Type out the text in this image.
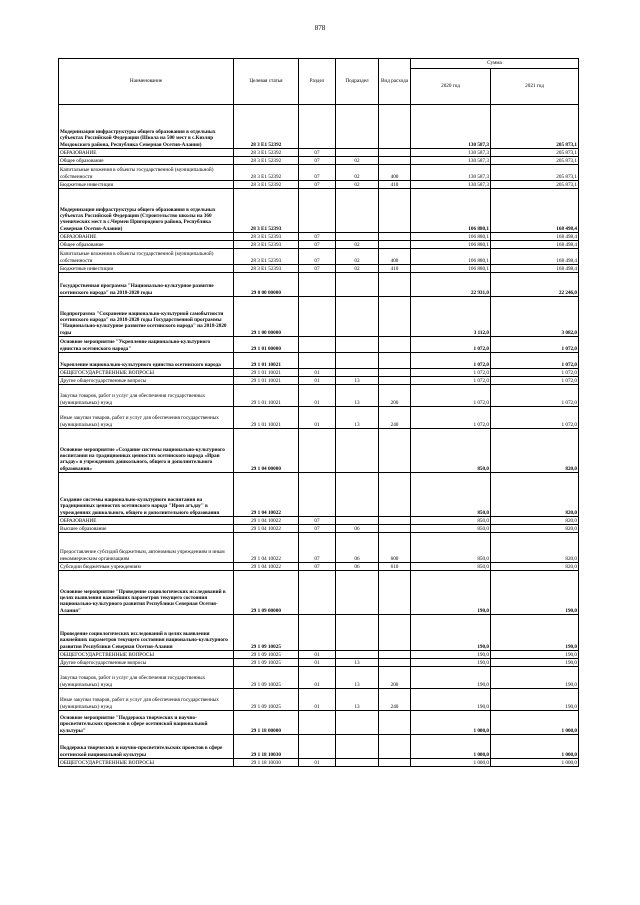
878
Наименование	Целевая статья	Раздел	Подраздел	Вид расхода	Сумма	
					2020 год	2021 год
Модернизация инфраструктуры общего образования в отдельных субъектах Российской Федерации (Школа на 500 мест в с.Кизляр Моздокского района, Республика Северная Осетия-Алания)	28 3 Е1 52392				130 587,3	205 873,1
ОБРАЗОВАНИЕ	28 3 Е1 52392	07			130 587,3	205 873,1
Общее образование	28 3 Е1 52392	07	02		130 587,3	205 873,1
Капитальные вложения в объекты государственной (муниципальной) собственности	28 3 Е1 52392	07	02	400	130 587,3	205 873,1
Бюджетные инвестиции	28 3 Е1 52392	07	02	410	130 587,3	205 873,1
Модернизация инфраструктуры общего образования в отдельных субъектах Российской Федерации (Строительство школы на 360 ученических мест в с.Чермен Пригородного района, Республика Северная Осетия-Алания)	28 3 Е1 52393				106 880,1	168 498,4
ОБРАЗОВАНИЕ	28 3 Е1 52393	07			106 880,1	168 498,4
Общее образование	28 3 Е1 52393	07	02		106 880,1	168 498,4
Капитальные вложения в объекты государственной (муниципальной) собственности	28 3 Е1 52393	07	02	400	106 880,1	168 498,4
Бюджетные инвестиции	28 3 Е1 52393	07	02	410	106 880,1	168 498,4
Государственная программа "Национально-культурное развитие осетинского народа" на 2018-2020 годы	29 0 00 00000				22 931,0	22 246,0
Подпрограмма "Сохранение национально-культурной самобытности осетинского народа" на 2018-2020 годы Государственной программы "Национально-культурное развитие осетинского народа" на 2018-2020 годы	29 1 00 00000				3 112,0	3 082,0
Основное мероприятие "Укрепление национально-культурного единства осетинского народа"	29 1 01 00000				1 072,0	1 072,0
Укрепление национально-культурного единства осетинского народа	29 1 01 10021				1 072,0	1 072,0
ОБЩЕГОСУДАРСТВЕННЫЕ ВОПРОСЫ	29 1 01 10021	01			1 072,0	1 072,0
Другие общегосударственные вопросы	29 1 01 10021	01	13		1 072,0	1 072,0
Закупка товаров, работ и услуг для обеспечения государственных (муниципальных) нужд	29 1 01 10021	01	13	200	1 072,0	1 072,0
Иные закупки товаров, работ и услуг для обеспечения государственных (муниципальных) нужд	29 1 01 10021	01	13	240	1 072,0	1 072,0
Основное мероприятие «Создание системы национально-культурного воспитания на традиционных ценностях осетинского народа «Иран агъдау» в учреждениях дошкольного, общего и дополнительного образования»	29 1 04 00000				850,0	820,0
Создание системы национально-культурного воспитания на традиционных ценностях осетинского народа "Ирон агъдау" в учреждениях дошкольного, общего и дополнительного образования	29 1 04 10022				850,0	820,0
ОБРАЗОВАНИЕ	29 1 04 10022	07			850,0	820,0
Высшее образование	29 1 04 10022	07	06		850,0	820,0
Предоставление субсидий бюджетным, автономным учреждениям и иным некоммерческим организациям	29 1 04 10022	07	06	600	850,0	820,0
Субсидии бюджетным учреждениям	29 1 04 10022	07	06	610	850,0	820,0
Основное мероприятие "Проведение социологических исследований в целях выявления важнейших параметров текущего состояния национально-культурного развития Республики Северная Осетия-Алания"	29 1 09 00000				190,0	190,0
Проведение социологических исследований в целях выявления важнейших параметров текущего состояния национально-культурного развития Республики Северная Осетия-Алания	29 1 09 10025				190,0	190,0
ОБЩЕГОСУДАРСТВЕННЫЕ ВОПРОСЫ	29 1 09 10025	01			190,0	190,0
Другие общегосударственные вопросы	29 1 09 10025	01	13		190,0	190,0
Закупка товаров, работ и услуг для обеспечения государственных (муниципальных) нужд	29 1 09 10025	01	13	200	190,0	190,0
Иные закупки товаров, работ и услуг для обеспечения государственных (муниципальных) нужд	29 1 09 10025	01	13	240	190,0	190,0
Основное мероприятие "Поддержка творческих и научно-просветительских проектов в сфере осетинской национальной культуры"	29 1 18 00000				1 000,0	1 000,0
Поддержка творческих и научно-просветительских проектов в сфере осетинской национальной культуры	29 1 18 10030				1 000,0	1 000,0
ОБЩЕГОСУДАРСТВЕННЫЕ ВОПРОСЫ	29 1 18 10030	01			1 000,0	1 000,0
